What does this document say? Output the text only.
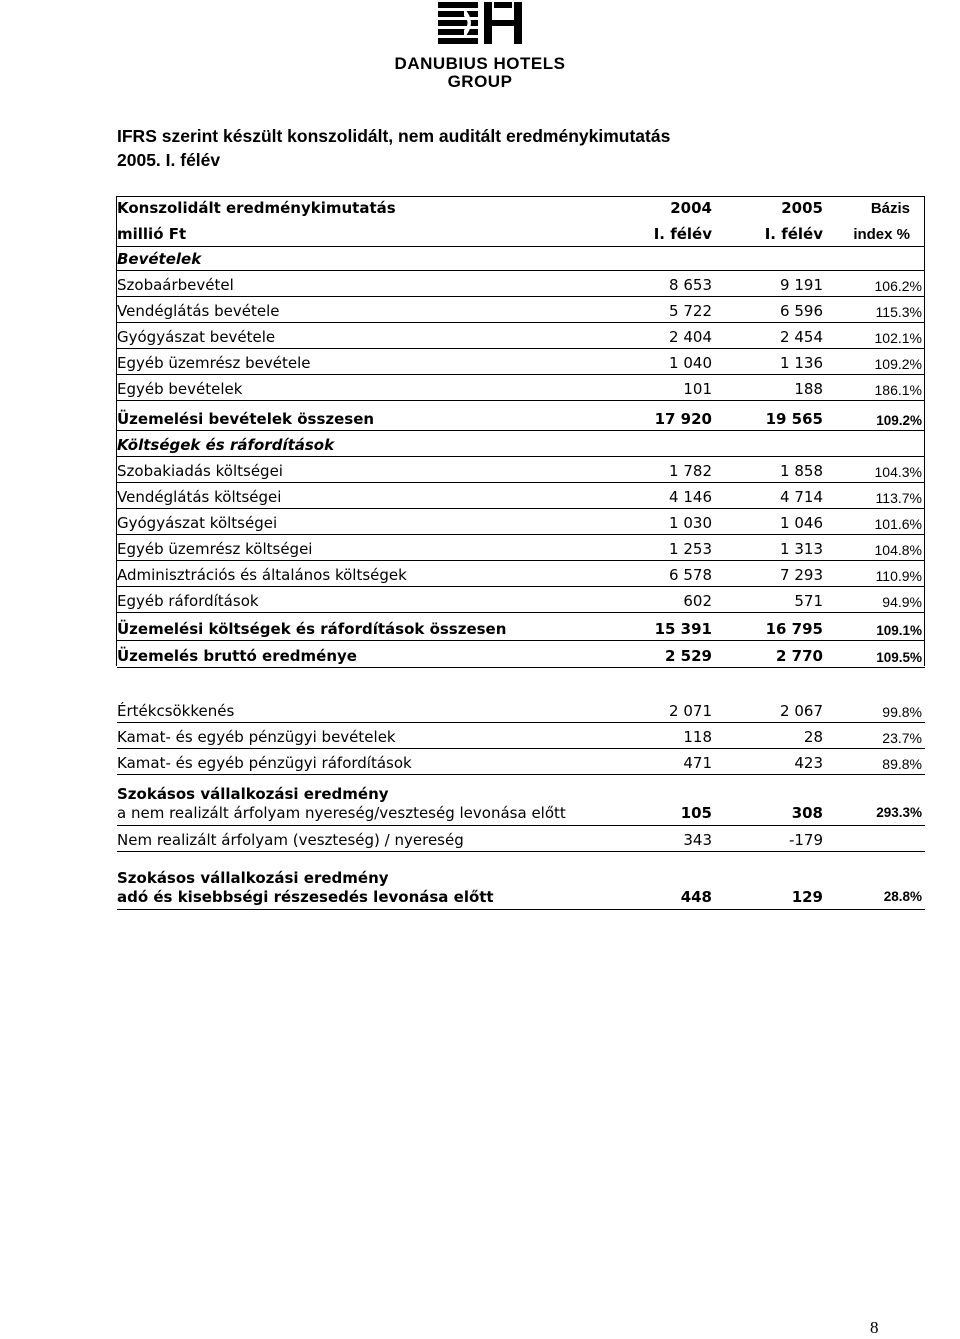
DANUBIUS HOTELS
GROUP
IFRS szerint készült konszolidált, nem auditált eredménykimutatás
2005. I. félév
Konszolidált eredménykimutatás	2004	2005	Bázis
millió Ft	I. félév	I. félév	index %
Bevételek
Szobaárbevétel	8 653	9 191	106.2%
Vendéglátás bevétele	5 722	6 596	115.3%
Gyógyászat bevétele	2 404	2 454	102.1%
Egyéb üzemrész bevétele	1 040	1 136	109.2%
Egyéb bevételek	101	188	186.1%
Üzemelési bevételek összesen	17 920	19 565	109.2%
Költségek és ráfordítások
Szobakiadás költségei	1 782	1 858	104.3%
Vendéglátás költségei	4 146	4 714	113.7%
Gyógyászat költségei	1 030	1 046	101.6%
Egyéb üzemrész költségei	1 253	1 313	104.8%
Adminisztrációs és általános költségek	6 578	7 293	110.9%
Egyéb ráfordítások	602	571	94.9%
Üzemelési költségek és ráfordítások összesen	15 391	16 795	109.1%
Üzemelés bruttó eredménye	2 529	2 770	109.5%
Értékcsökkenés	2 071	2 067	99.8%
Kamat- és egyéb pénzügyi bevételek	118	28	23.7%
Kamat- és egyéb pénzügyi ráfordítások	471	423	89.8%
Szokásos vállalkozási eredmény
a nem realizált árfolyam nyereség/veszteség levonása előtt	105	308	293.3%
Nem realizált árfolyam (veszteség) / nyereség	343	-179
Szokásos vállalkozási eredmény
adó és kisebbségi részesedés levonása előtt	448	129	28.8%
8
